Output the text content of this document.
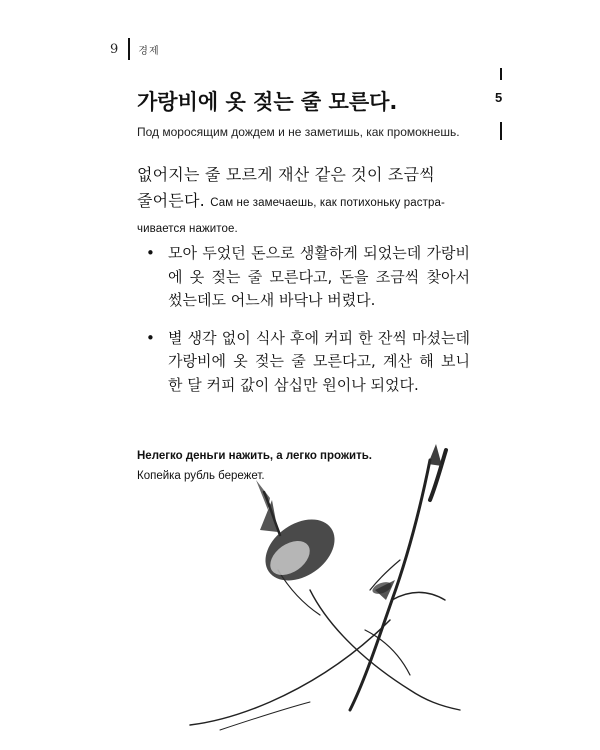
9 경제
5
가랑비에 옷 젖는 줄 모른다.
Под моросящим дождем и не заметишь, как промокнешь.
없어지는 줄 모르게 재산 같은 것이 조금씩
줄어든다. Сам не замечаешь, как потихоньку растра-
чивается нажитое.
• 모아 두었던 돈으로 생활하게 되었는데 가랑비에 옷 젖는 줄 모른다고, 돈을 조금씩 찾아서 썼는데도 어느새 바닥나 버렸다.
• 별 생각 없이 식사 후에 커피 한 잔씩 마셨는데 가랑비에 옷 젖는 줄 모른다고, 계산 해 보니 한 달 커피 값이 삼십만 원이나 되었다.
Нелегко деньги нажить, а легко прожить.
Копейка рубль бережет.
